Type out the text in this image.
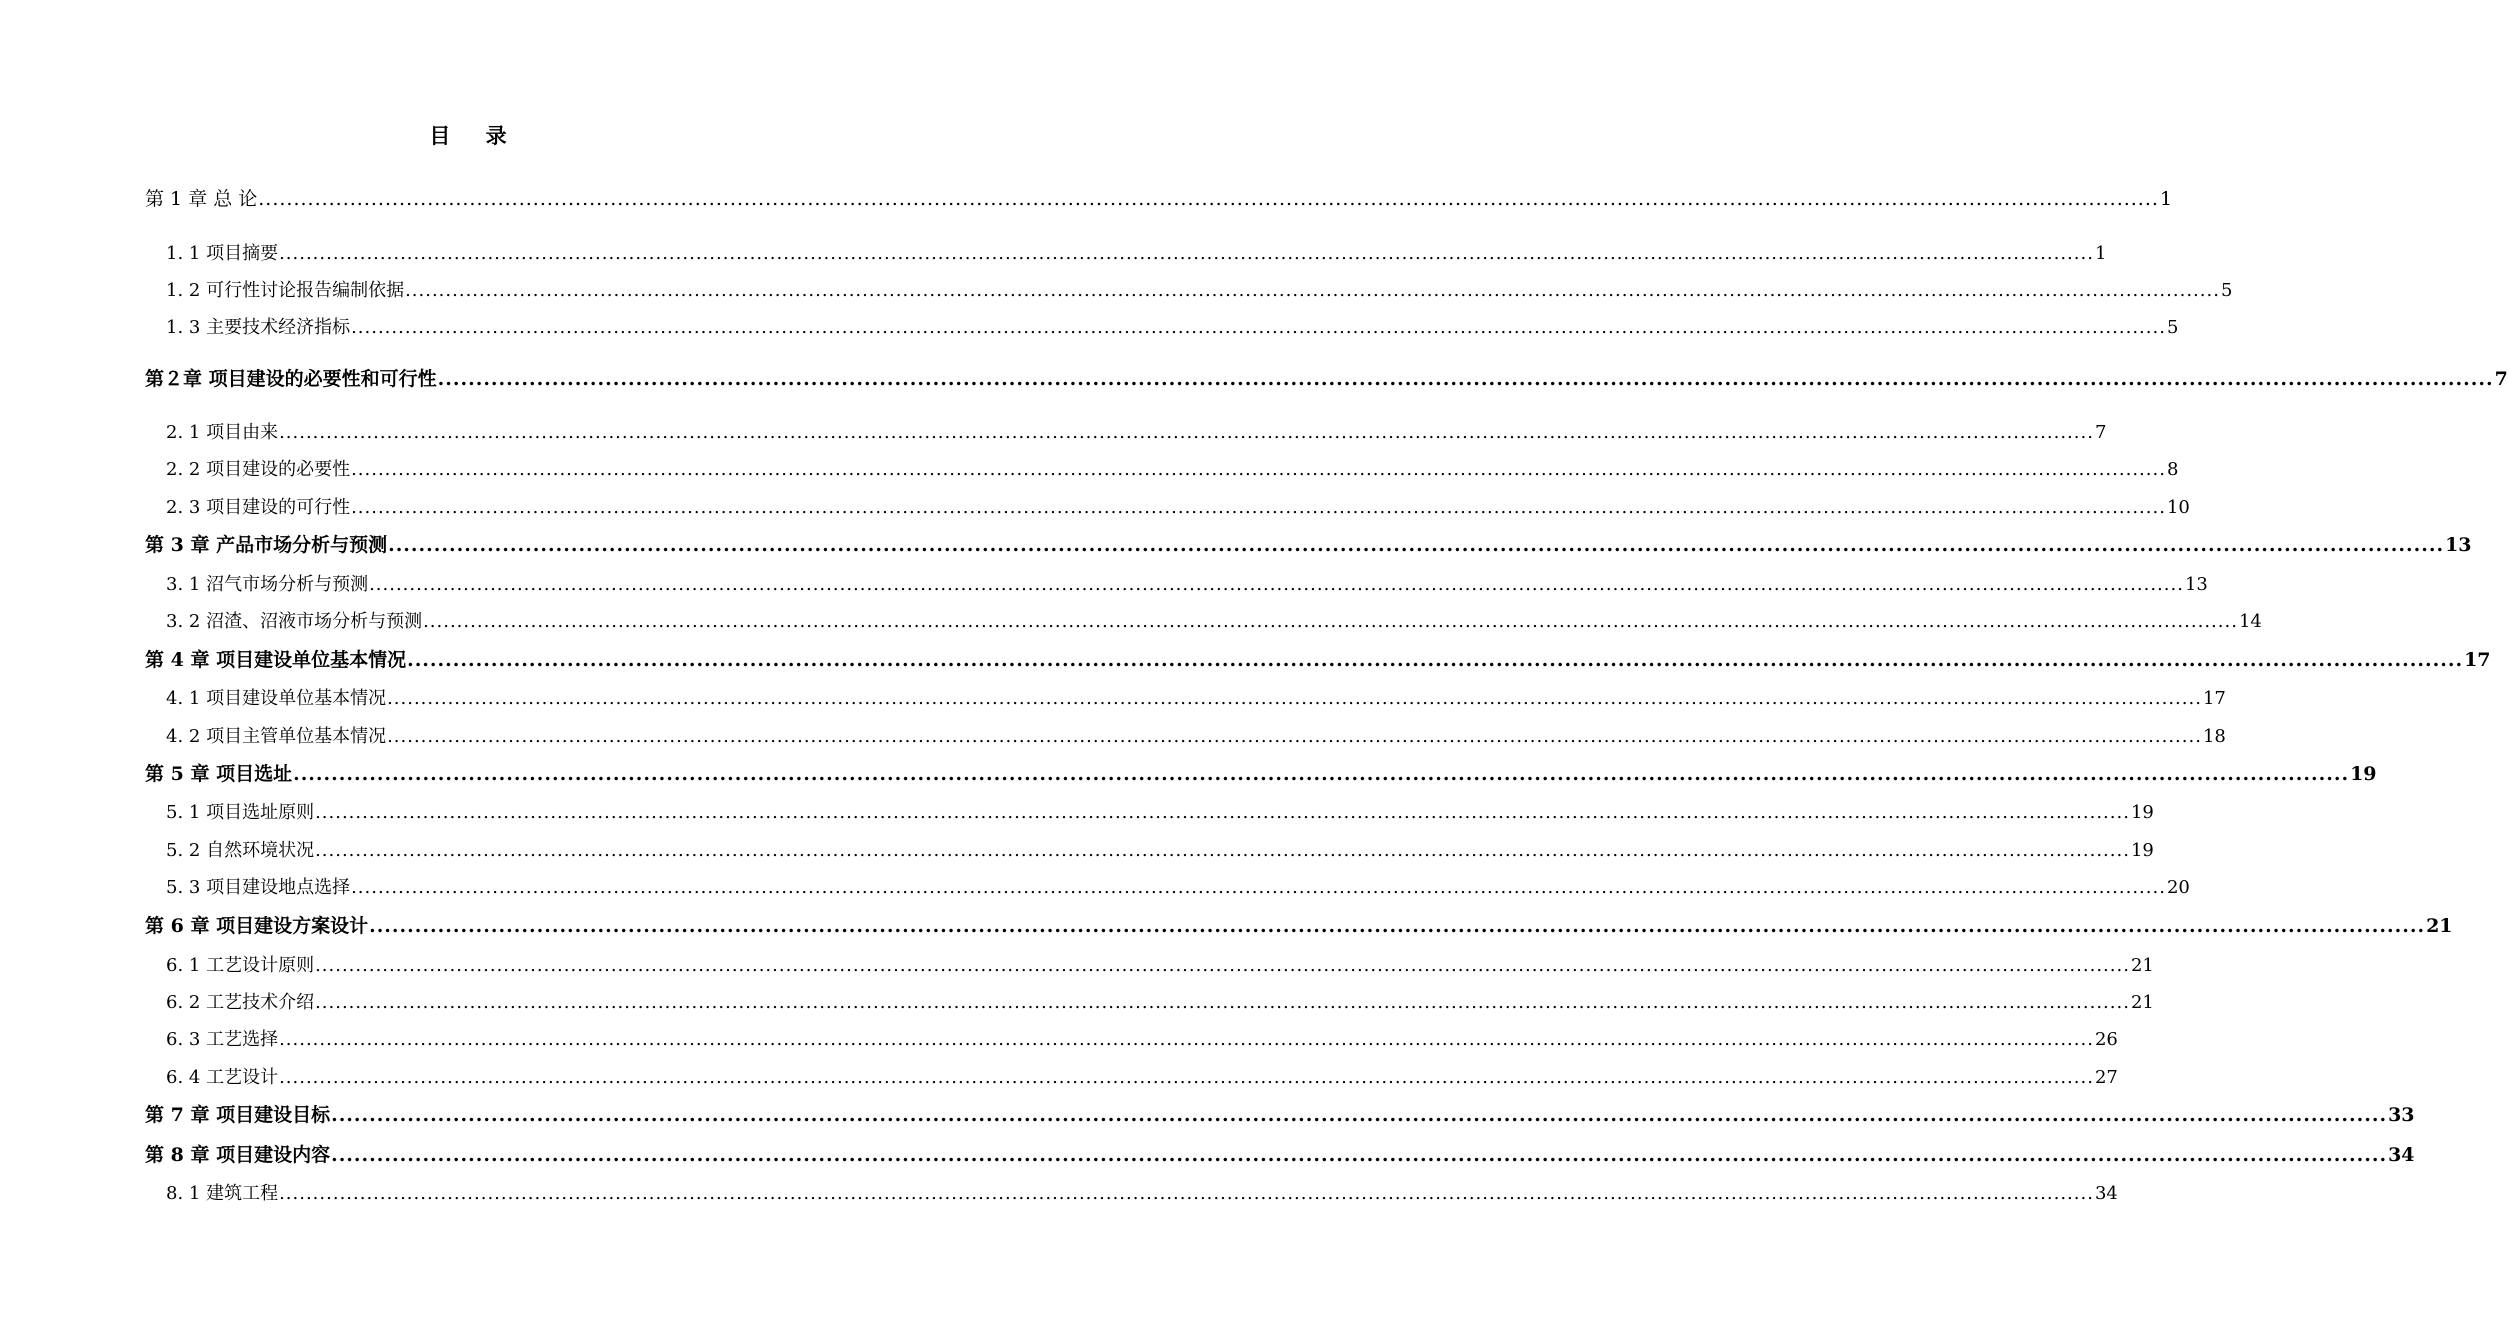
目 录
第 1 章 总 论 .............................................................................................................................................................................................................................................................................. 1
1. 1 项目摘要 .............................................................................................................................................................................................................................................................................. 1
1. 2 可行性讨论报告编制依据 .............................................................................................................................................................................................................................................................................. 5
1. 3 主要技术经济指标 .............................................................................................................................................................................................................................................................................. 5
第２章 项目建设的必要性和可行性 .............................................................................................................................................................................................................................................................................. 7
2. 1 项目由来 .............................................................................................................................................................................................................................................................................. 7
2. 2 项目建设的必要性 .............................................................................................................................................................................................................................................................................. 8
2. 3 项目建设的可行性 .............................................................................................................................................................................................................................................................................. 10
第 3 章 产品市场分析与预测 .............................................................................................................................................................................................................................................................................. 13
3. 1 沼气市场分析与预测 .............................................................................................................................................................................................................................................................................. 13
3. 2 沼渣、沼液市场分析与预测 .............................................................................................................................................................................................................................................................................. 14
第 4 章 项目建设单位基本情况 .............................................................................................................................................................................................................................................................................. 17
4. 1 项目建设单位基本情况 .............................................................................................................................................................................................................................................................................. 17
4. 2 项目主管单位基本情况 .............................................................................................................................................................................................................................................................................. 18
第 5 章 项目选址 .............................................................................................................................................................................................................................................................................. 19
5. 1 项目选址原则 .............................................................................................................................................................................................................................................................................. 19
5. 2 自然环境状况 .............................................................................................................................................................................................................................................................................. 19
5. 3 项目建设地点选择 .............................................................................................................................................................................................................................................................................. 20
第 6 章 项目建设方案设计 .............................................................................................................................................................................................................................................................................. 21
6. 1 工艺设计原则 .............................................................................................................................................................................................................................................................................. 21
6. 2 工艺技术介绍 .............................................................................................................................................................................................................................................................................. 21
6. 3 工艺选择 .............................................................................................................................................................................................................................................................................. 26
6. 4 工艺设计 .............................................................................................................................................................................................................................................................................. 27
第 7 章 项目建设目标 .............................................................................................................................................................................................................................................................................. 33
第 8 章 项目建设内容 .............................................................................................................................................................................................................................................................................. 34
8. 1 建筑工程 .............................................................................................................................................................................................................................................................................. 34
